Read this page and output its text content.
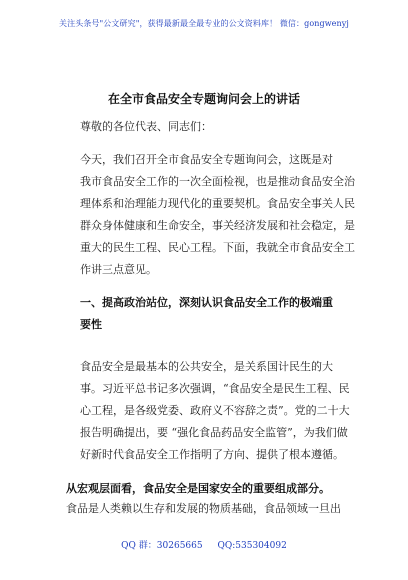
关注头条号"公文研究"，获得最新最全最专业的公文资料库！ 微信：gongwenyj
在全市食品安全专题询问会上的讲话
尊敬的各位代表、同志们：
今天，我们召开全市食品安全专题询问会，这既是对
我市食品安全工作的一次全面检视，也是推动食品安全治
理体系和治理能力现代化的重要契机。食品安全事关人民
群众身体健康和生命安全，事关经济发展和社会稳定，是
重大的民生工程、民心工程。下面，我就全市食品安全工
作讲三点意见。
一、提高政治站位，深刻认识食品安全工作的极端重
要性
食品安全是最基本的公共安全，是关系国计民生的大
事。习近平总书记多次强调，“食品安全是民生工程、民
心工程，是各级党委、政府义不容辞之责”。党的二十大
报告明确提出，要 “强化食品药品安全监管”，为我们做
好新时代食品安全工作指明了方向、提供了根本遵循。
从宏观层面看，食品安全是国家安全的重要组成部分。
食品是人类赖以生存和发展的物质基础，食品领域一旦出
QQ 群：30265665 QQ:535304092
